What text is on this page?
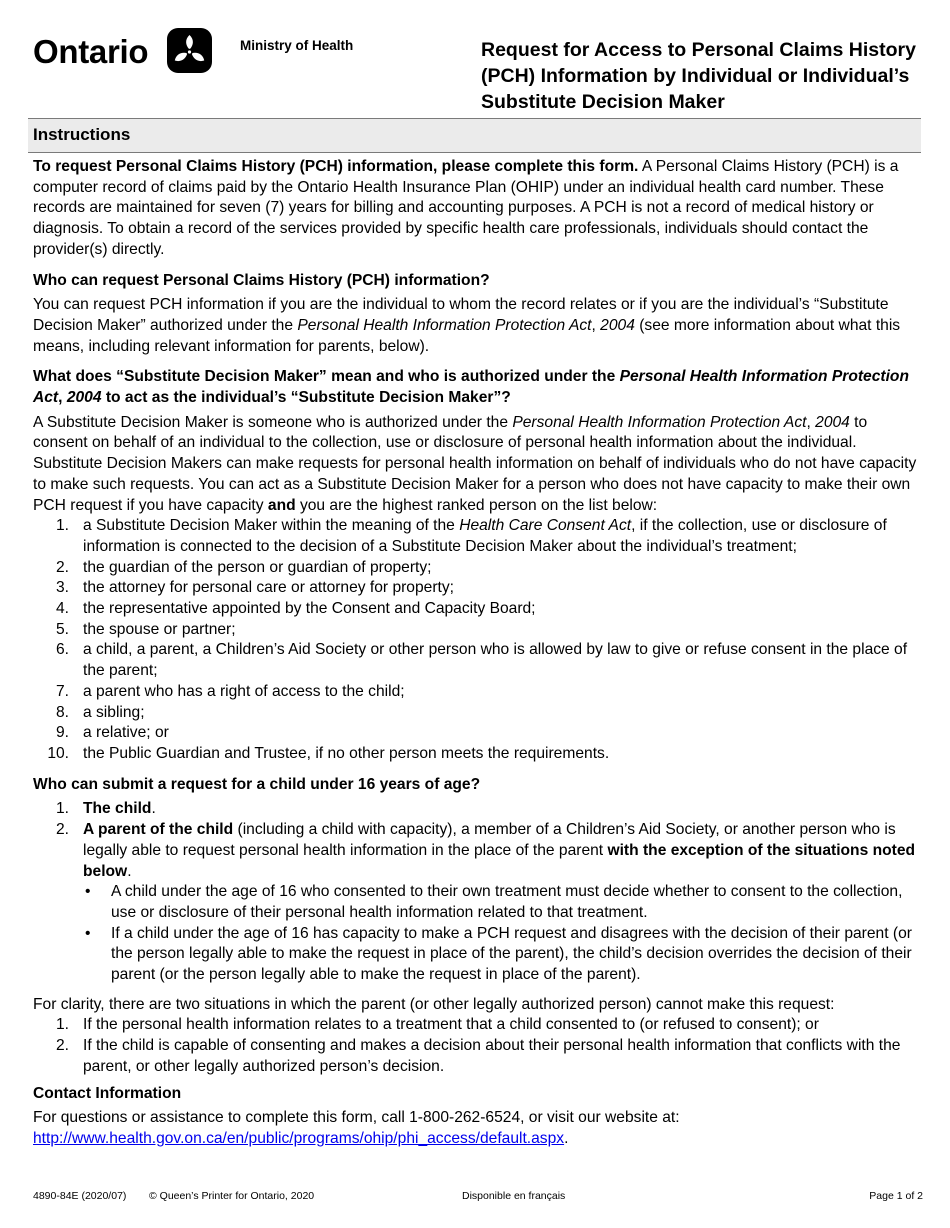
Ontario	Ministry of Health	Request for Access to Personal Claims History (PCH) Information by Individual or Individual’s Substitute Decision Maker
Instructions

To request Personal Claims History (PCH) information, please complete this form. A Personal Claims History (PCH) is a computer record of claims paid by the Ontario Health Insurance Plan (OHIP) under an individual health card number. These records are maintained for seven (7) years for billing and accounting purposes. A PCH is not a record of medical history or diagnosis. To obtain a record of the services provided by specific health care professionals, individuals should contact the provider(s) directly.

Who can request Personal Claims History (PCH) information?

You can request PCH information if you are the individual to whom the record relates or if you are the individual’s “Substitute Decision Maker” authorized under the Personal Health Information Protection Act, 2004 (see more information about what this means, including relevant information for parents, below).

What does “Substitute Decision Maker” mean and who is authorized under the Personal Health Information Protection Act, 2004 to act as the individual’s “Substitute Decision Maker”?

A Substitute Decision Maker is someone who is authorized under the Personal Health Information Protection Act, 2004 to consent on behalf of an individual to the collection, use or disclosure of personal health information about the individual. Substitute Decision Makers can make requests for personal health information on behalf of individuals who do not have capacity to make such requests. You can act as a Substitute Decision Maker for a person who does not have capacity to make their own PCH request if you have capacity and you are the highest ranked person on the list below:

1. a Substitute Decision Maker within the meaning of the Health Care Consent Act, if the collection, use or disclosure of information is connected to the decision of a Substitute Decision Maker about the individual’s treatment;
2. the guardian of the person or guardian of property;
3. the attorney for personal care or attorney for property;
4. the representative appointed by the Consent and Capacity Board;
5. the spouse or partner;
6. a child, a parent, a Children’s Aid Society or other person who is allowed by law to give or refuse consent in the place of the parent;
7. a parent who has a right of access to the child;
8. a sibling;
9. a relative; or
10. the Public Guardian and Trustee, if no other person meets the requirements.

Who can submit a request for a child under 16 years of age?

1. The child.
2. A parent of the child (including a child with capacity), a member of a Children’s Aid Society, or another person who is legally able to request personal health information in the place of the parent with the exception of the situations noted below.
• A child under the age of 16 who consented to their own treatment must decide whether to consent to the collection, use or disclosure of their personal health information related to that treatment.
• If a child under the age of 16 has capacity to make a PCH request and disagrees with the decision of their parent (or the person legally able to make the request in place of the parent), the child’s decision overrides the decision of their parent (or the person legally able to make the request in place of the parent).

For clarity, there are two situations in which the parent (or other legally authorized person) cannot make this request:

1. If the personal health information relates to a treatment that a child consented to (or refused to consent); or
2. If the child is capable of consenting and makes a decision about their personal health information that conflicts with the parent, or other legally authorized person’s decision.

Contact Information

For questions or assistance to complete this form, call 1-800-262-6524, or visit our website at:
http://www.health.gov.on.ca/en/public/programs/ohip/phi_access/default.aspx.

4890-84E (2020/07) © Queen’s Printer for Ontario, 2020	Disponible en français	Page 1 of 2
